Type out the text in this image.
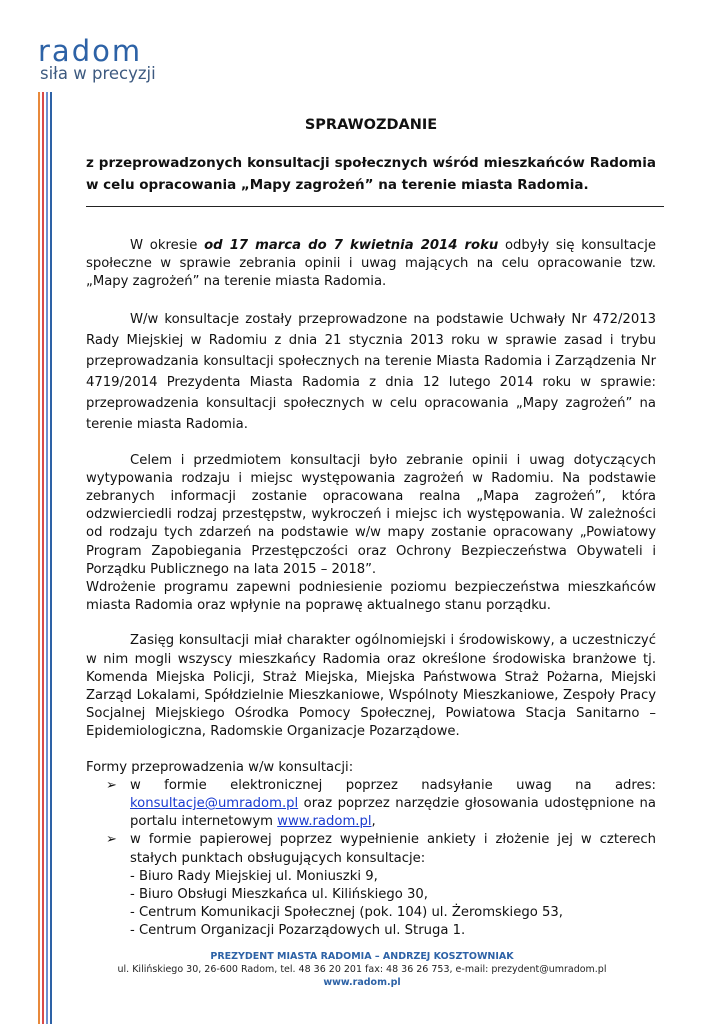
radom
siła w precyzji
SPRAWOZDANIE
z przeprowadzonych konsultacji społecznych wśród mieszkańców Radomia w celu opracowania „Mapy zagrożeń” na terenie miasta Radomia.

W okresie od 17 marca do 7 kwietnia 2014 roku odbyły się konsultacje społeczne w sprawie zebrania opinii i uwag mających na celu opracowanie tzw. „Mapy zagrożeń” na terenie miasta Radomia.

W/w konsultacje zostały przeprowadzone na podstawie Uchwały Nr 472/2013 Rady Miejskiej w Radomiu z dnia 21 stycznia 2013 roku w sprawie zasad i trybu przeprowadzania konsultacji społecznych na terenie Miasta Radomia i Zarządzenia Nr 4719/2014 Prezydenta Miasta Radomia z dnia 12 lutego 2014 roku w sprawie: przeprowadzenia konsultacji społecznych w celu opracowania „Mapy zagrożeń” na terenie miasta Radomia.

Celem i przedmiotem konsultacji było zebranie opinii i uwag dotyczących wytypowania rodzaju i miejsc występowania zagrożeń w Radomiu. Na podstawie zebranych informacji zostanie opracowana realna „Mapa zagrożeń”, która odzwierciedli rodzaj przestępstw, wykroczeń i miejsc ich występowania. W zależności od rodzaju tych zdarzeń na podstawie w/w mapy zostanie opracowany „Powiatowy Program Zapobiegania Przestępczości oraz Ochrony Bezpieczeństwa Obywateli i Porządku Publicznego na lata 2015 – 2018”.

Wdrożenie programu zapewni podniesienie poziomu bezpieczeństwa mieszkańców miasta Radomia oraz wpłynie na poprawę aktualnego stanu porządku.

Zasięg konsultacji miał charakter ogólnomiejski i środowiskowy, a uczestniczyć w nim mogli wszyscy mieszkańcy Radomia oraz określone środowiska branżowe tj. Komenda Miejska Policji, Straż Miejska, Miejska Państwowa Straż Pożarna, Miejski Zarząd Lokalami, Spółdzielnie Mieszkaniowe, Wspólnoty Mieszkaniowe, Zespoły Pracy Socjalnej Miejskiego Ośrodka Pomocy Społecznej, Powiatowa Stacja Sanitarno – Epidemiologiczna, Radomskie Organizacje Pozarządowe.

Formy przeprowadzenia w/w konsultacji:

➢ w formie elektronicznej poprzez nadsyłanie uwag na adres: konsultacje@umradom.pl oraz poprzez narzędzie głosowania udostępnione na portalu internetowym www.radom.pl,
➢ w formie papierowej poprzez wypełnienie ankiety i złożenie jej w czterech stałych punktach obsługujących konsultacje:
- Biuro Rady Miejskiej ul. Moniuszki 9,
- Biuro Obsługi Mieszkańca ul. Kilińskiego 30,
- Centrum Komunikacji Społecznej (pok. 104) ul. Żeromskiego 53,
- Centrum Organizacji Pozarządowych ul. Struga 1.
PREZYDENT MIASTA RADOMIA – ANDRZEJ KOSZTOWNIAK
ul. Kilińskiego 30, 26-600 Radom, tel. 48 36 20 201 fax: 48 36 26 753, e-mail: prezydent@umradom.pl
www.radom.pl
